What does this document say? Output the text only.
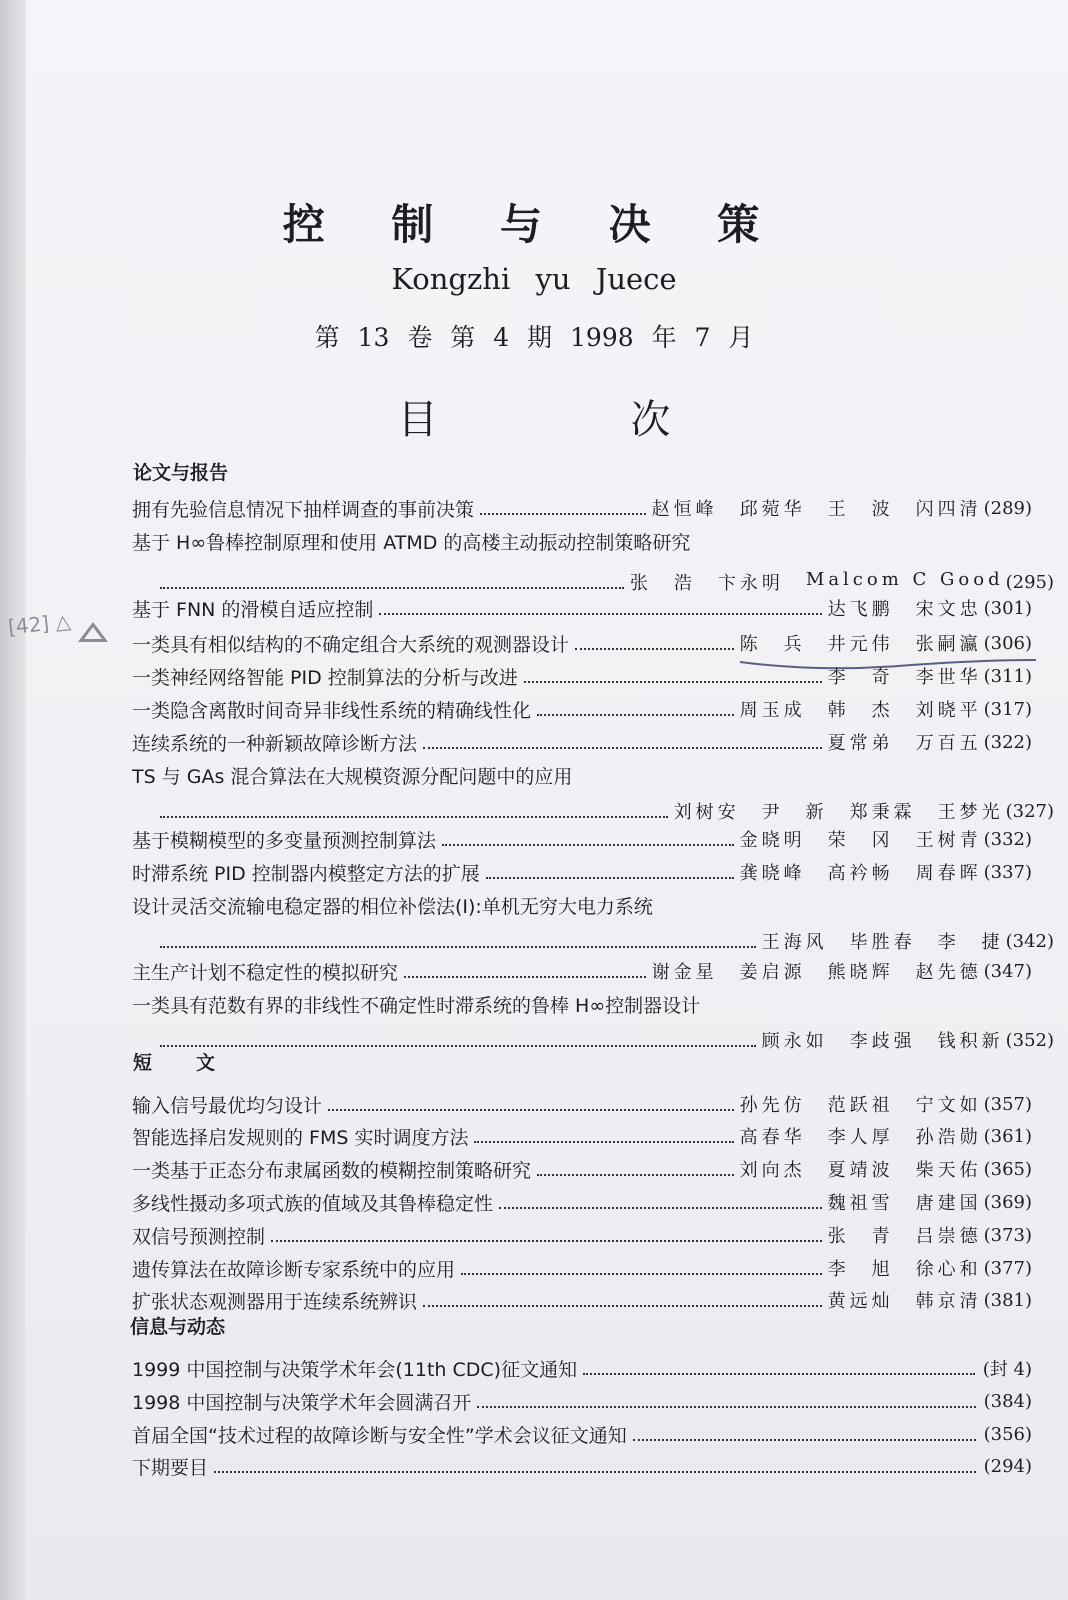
控 制 与 决 策
Kongzhi yu Juece
第 13 卷 第 4 期 1998 年 7 月
目 次
[42] △
论文与报告
短　　文
信息与动态
拥有先验信息情况下抽样调查的事前决策	赵恒峰 邱菀华 王　波 闪四清 (289)
基于 H∞鲁棒控制原理和使用 ATMD 的高楼主动振动控制策略研究
张　浩 卞永明 Malcom C Good (295)
基于 FNN 的滑模自适应控制	达飞鹏 宋文忠 (301)
一类具有相似结构的不确定组合大系统的观测器设计	陈　兵 井元伟 张嗣瀛 (306)
一类神经网络智能 PID 控制算法的分析与改进	李　奇 李世华 (311)
一类隐含离散时间奇异非线性系统的精确线性化	周玉成 韩　杰 刘晓平 (317)
连续系统的一种新颖故障诊断方法	夏常弟 万百五 (322)
TS 与 GAs 混合算法在大规模资源分配问题中的应用
刘树安 尹　新 郑秉霖 王梦光 (327)
基于模糊模型的多变量预测控制算法	金晓明 荣　冈 王树青 (332)
时滞系统 PID 控制器内模整定方法的扩展	龚晓峰 高衿畅 周春晖 (337)
设计灵活交流输电稳定器的相位补偿法(Ⅰ):单机无穷大电力系统
王海风 毕胜春 李　捷 (342)
主生产计划不稳定性的模拟研究	谢金星 姜启源 熊晓辉 赵先德 (347)
一类具有范数有界的非线性不确定性时滞系统的鲁棒 H∞控制器设计
顾永如 李歧强 钱积新 (352)
输入信号最优均匀设计	孙先仿 范跃祖 宁文如 (357)
智能选择启发规则的 FMS 实时调度方法	高春华 李人厚 孙浩勋 (361)
一类基于正态分布隶属函数的模糊控制策略研究	刘向杰 夏靖波 柴天佑 (365)
多线性摄动多项式族的值域及其鲁棒稳定性	魏祖雪 唐建国 (369)
双信号预测控制	张　青 吕崇德 (373)
遗传算法在故障诊断专家系统中的应用	李　旭 徐心和 (377)
扩张状态观测器用于连续系统辨识	黄远灿 韩京清 (381)
1999 中国控制与决策学术年会(11th CDC)征文通知	(封 4)
1998 中国控制与决策学术年会圆满召开	(384)
首届全国“技术过程的故障诊断与安全性”学术会议征文通知	(356)
下期要目	(294)
